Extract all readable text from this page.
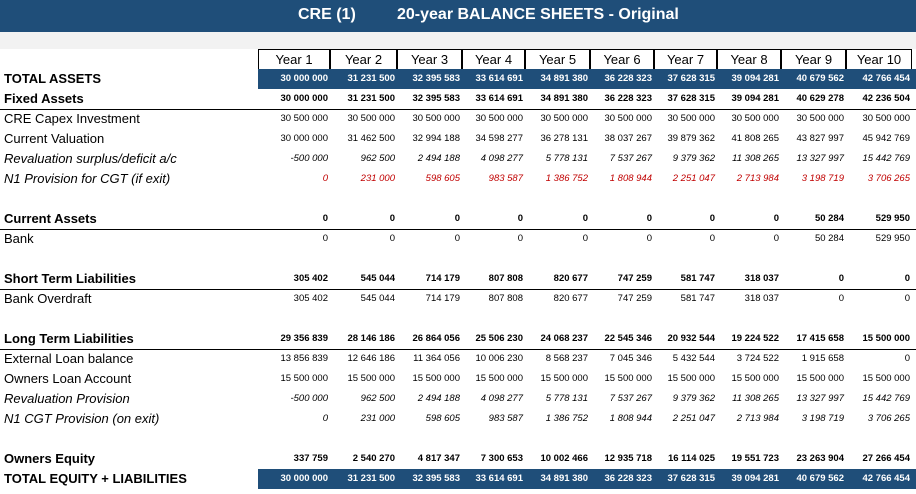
CRE (1)	20-year BALANCE SHEETS - Original
Year 1	Year 2	Year 3	Year 4	Year 5	Year 6	Year 7	Year 8	Year 9	Year 10
TOTAL ASSETS	30 000 000	31 231 500	32 395 583	33 614 691	34 891 380	36 228 323	37 628 315	39 094 281	40 679 562	42 766 454
Fixed Assets	30 000 000	31 231 500	32 395 583	33 614 691	34 891 380	36 228 323	37 628 315	39 094 281	40 629 278	42 236 504
CRE Capex Investment	30 500 000	30 500 000	30 500 000	30 500 000	30 500 000	30 500 000	30 500 000	30 500 000	30 500 000	30 500 000
Current Valuation	30 000 000	31 462 500	32 994 188	34 598 277	36 278 131	38 037 267	39 879 362	41 808 265	43 827 997	45 942 769
Revaluation surplus/deficit a/c	-500 000	962 500	2 494 188	4 098 277	5 778 131	7 537 267	9 379 362	11 308 265	13 327 997	15 442 769
N1 Provision for CGT (if exit)	0	231 000	598 605	983 587	1 386 752	1 808 944	2 251 047	2 713 984	3 198 719	3 706 265
Current Assets	0	0	0	0	0	0	0	0	50 284	529 950
Bank	0	0	0	0	0	0	0	0	50 284	529 950
Short Term Liabilities	305 402	545 044	714 179	807 808	820 677	747 259	581 747	318 037	0	0
Bank Overdraft	305 402	545 044	714 179	807 808	820 677	747 259	581 747	318 037	0	0
Long Term Liabilities	29 356 839	28 146 186	26 864 056	25 506 230	24 068 237	22 545 346	20 932 544	19 224 522	17 415 658	15 500 000
External Loan balance	13 856 839	12 646 186	11 364 056	10 006 230	8 568 237	7 045 346	5 432 544	3 724 522	1 915 658	0
Owners Loan Account	15 500 000	15 500 000	15 500 000	15 500 000	15 500 000	15 500 000	15 500 000	15 500 000	15 500 000	15 500 000
Revaluation Provision	-500 000	962 500	2 494 188	4 098 277	5 778 131	7 537 267	9 379 362	11 308 265	13 327 997	15 442 769
N1 CGT Provision (on exit)	0	231 000	598 605	983 587	1 386 752	1 808 944	2 251 047	2 713 984	3 198 719	3 706 265
Owners Equity	337 759	2 540 270	4 817 347	7 300 653	10 002 466	12 935 718	16 114 025	19 551 723	23 263 904	27 266 454
TOTAL EQUITY + LIABILITIES	30 000 000	31 231 500	32 395 583	33 614 691	34 891 380	36 228 323	37 628 315	39 094 281	40 679 562	42 766 454
